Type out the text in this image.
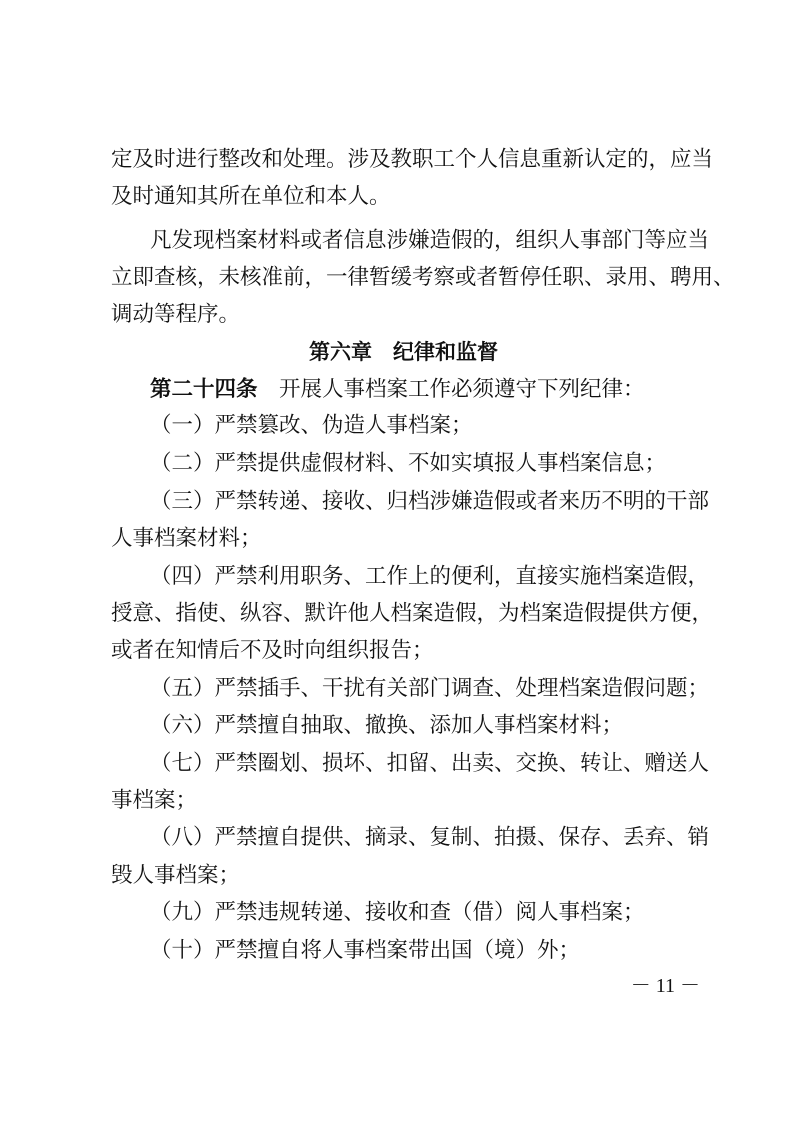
定及时进行整改和处理。涉及教职工个人信息重新认定的，应当
及时通知其所在单位和本人。
凡发现档案材料或者信息涉嫌造假的，组织人事部门等应当
立即查核，未核准前，一律暂缓考察或者暂停任职、录用、聘用、
调动等程序。
第六章　纪律和监督
第二十四条　开展人事档案工作必须遵守下列纪律：
（一）严禁篡改、伪造人事档案；
（二）严禁提供虚假材料、不如实填报人事档案信息；
（三）严禁转递、接收、归档涉嫌造假或者来历不明的干部
人事档案材料；
（四）严禁利用职务、工作上的便利，直接实施档案造假，
授意、指使、纵容、默许他人档案造假，为档案造假提供方便，
或者在知情后不及时向组织报告；
（五）严禁插手、干扰有关部门调查、处理档案造假问题；
（六）严禁擅自抽取、撤换、添加人事档案材料；
（七）严禁圈划、损坏、扣留、出卖、交换、转让、赠送人
事档案；
（八）严禁擅自提供、摘录、复制、拍摄、保存、丢弃、销
毁人事档案；
（九）严禁违规转递、接收和查（借）阅人事档案；
（十）严禁擅自将人事档案带出国（境）外；
－ 11 －
